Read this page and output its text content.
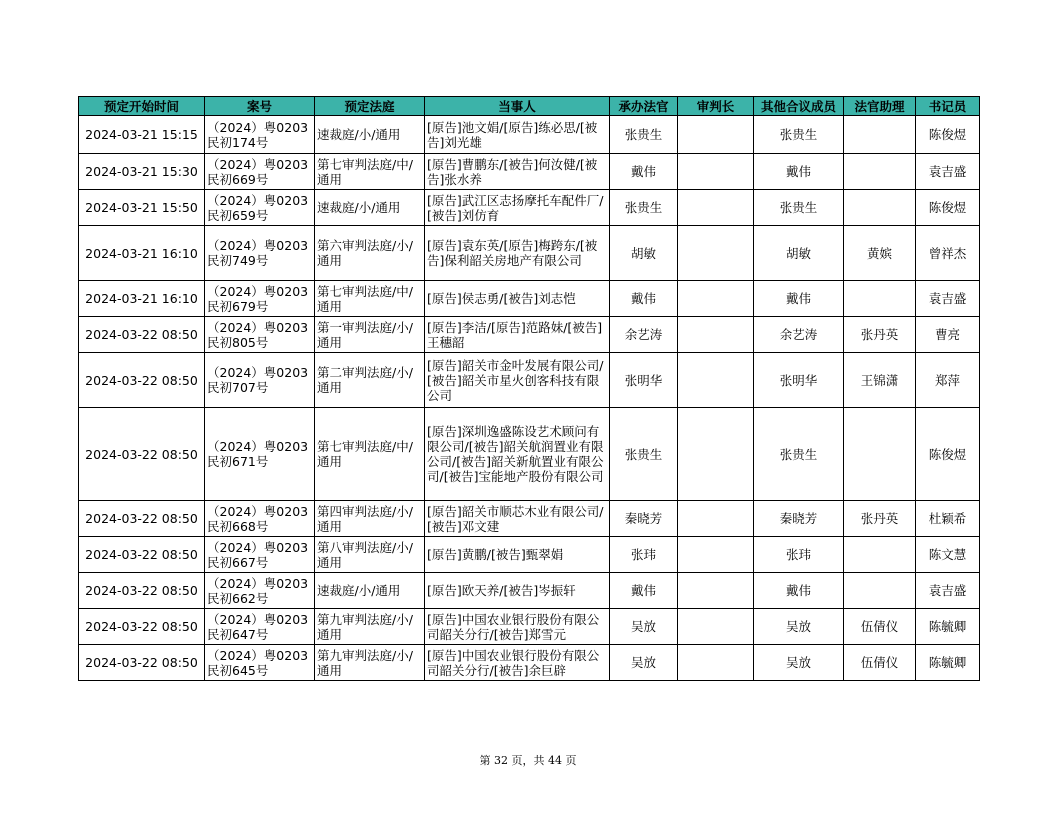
预定开始时间	案号	预定法庭	当事人	承办法官	审判长	其他合议成员	法官助理	书记员
2024-03-21 15:15	（2024）粤0203民初174号	速裁庭/小/通用	[原告]池文娟/[原告]练必思/[被告]刘光雄	张贵生		张贵生		陈俊煜
2024-03-21 15:30	（2024）粤0203民初669号	第七审判法庭/中/通用	[原告]曹鹏东/[被告]何汝健/[被告]张水养	戴伟		戴伟		袁吉盛
2024-03-21 15:50	（2024）粤0203民初659号	速裁庭/小/通用	[原告]武江区志扬摩托车配件厂/[被告]刘仿育	张贵生		张贵生		陈俊煜
2024-03-21 16:10	（2024）粤0203民初749号	第六审判法庭/小/通用	[原告]袁东英/[原告]梅跨东/[被告]保利韶关房地产有限公司	胡敏		胡敏	黄嫔	曾祥杰
2024-03-21 16:10	（2024）粤0203民初679号	第七审判法庭/中/通用	[原告]侯志勇/[被告]刘志恺	戴伟		戴伟		袁吉盛
2024-03-22 08:50	（2024）粤0203民初805号	第一审判法庭/小/通用	[原告]李洁/[原告]范路妹/[被告]王穗韶	余艺涛		余艺涛	张丹英	曹亮
2024-03-22 08:50	（2024）粤0203民初707号	第二审判法庭/小/通用	[原告]韶关市金叶发展有限公司/[被告]韶关市星火创客科技有限公司	张明华		张明华	王锦潇	郑萍
2024-03-22 08:50	（2024）粤0203民初671号	第七审判法庭/中/通用	[原告]深圳逸盛陈设艺术顾问有限公司/[被告]韶关航润置业有限公司/[被告]韶关新航置业有限公司/[被告]宝能地产股份有限公司	张贵生		张贵生		陈俊煜
2024-03-22 08:50	（2024）粤0203民初668号	第四审判法庭/小/通用	[原告]韶关市顺芯木业有限公司/[被告]邓文建	秦晓芳		秦晓芳	张丹英	杜颖希
2024-03-22 08:50	（2024）粤0203民初667号	第八审判法庭/小/通用	[原告]黄鹏/[被告]甄翠娟	张玮		张玮		陈文慧
2024-03-22 08:50	（2024）粤0203民初662号	速裁庭/小/通用	[原告]欧天养/[被告]岑振轩	戴伟		戴伟		袁吉盛
2024-03-22 08:50	（2024）粤0203民初647号	第九审判法庭/小/通用	[原告]中国农业银行股份有限公司韶关分行/[被告]郑雪元	吴放		吴放	伍倩仪	陈毓卿
2024-03-22 08:50	（2024）粤0203民初645号	第九审判法庭/小/通用	[原告]中国农业银行股份有限公司韶关分行/[被告]余巨辟	吴放		吴放	伍倩仪	陈毓卿
第 32 页，共 44 页
